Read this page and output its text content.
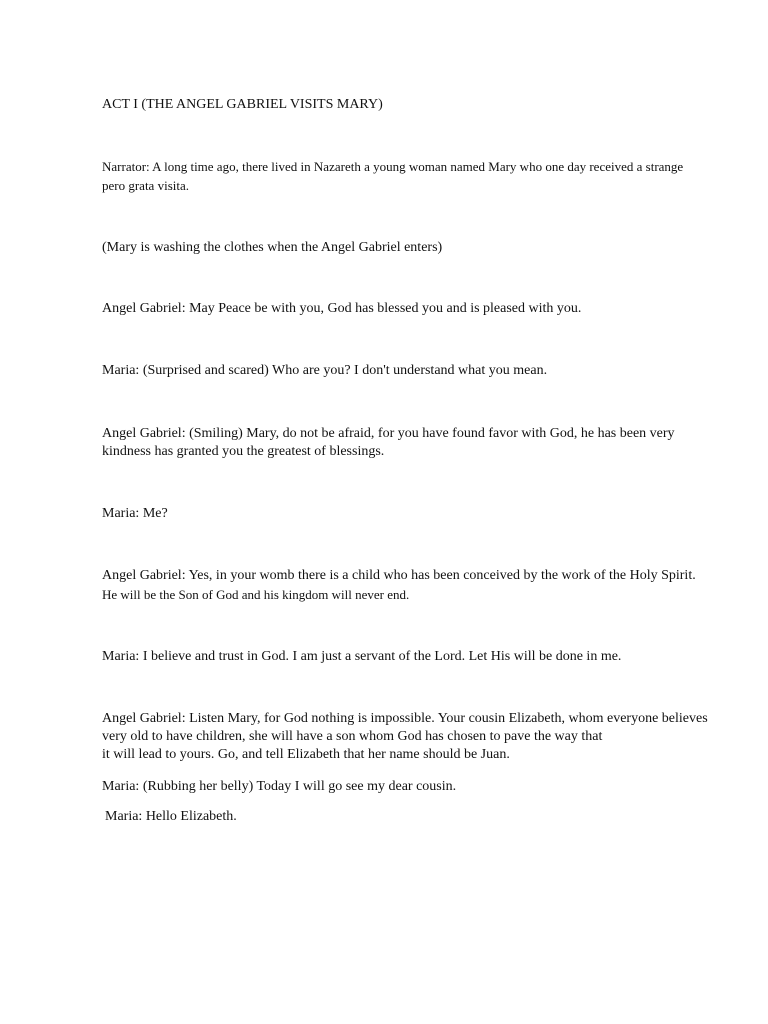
ACT I (THE ANGEL GABRIEL VISITS MARY)
Narrator: A long time ago, there lived in Nazareth a young woman named Mary who one day received a strange
pero grata visita.
(Mary is washing the clothes when the Angel Gabriel enters)
Angel Gabriel: May Peace be with you, God has blessed you and is pleased with you.
Maria: (Surprised and scared) Who are you? I don't understand what you mean.
Angel Gabriel: (Smiling) Mary, do not be afraid, for you have found favor with God, he has been very
kindness has granted you the greatest of blessings.
Maria: Me?
Angel Gabriel: Yes, in your womb there is a child who has been conceived by the work of the Holy Spirit.
He will be the Son of God and his kingdom will never end.
Maria: I believe and trust in God. I am just a servant of the Lord. Let His will be done in me.
Angel Gabriel: Listen Mary, for God nothing is impossible. Your cousin Elizabeth, whom everyone believes
very old to have children, she will have a son whom God has chosen to pave the way that
it will lead to yours. Go, and tell Elizabeth that her name should be Juan.
Maria: (Rubbing her belly) Today I will go see my dear cousin.
Maria: Hello Elizabeth.
